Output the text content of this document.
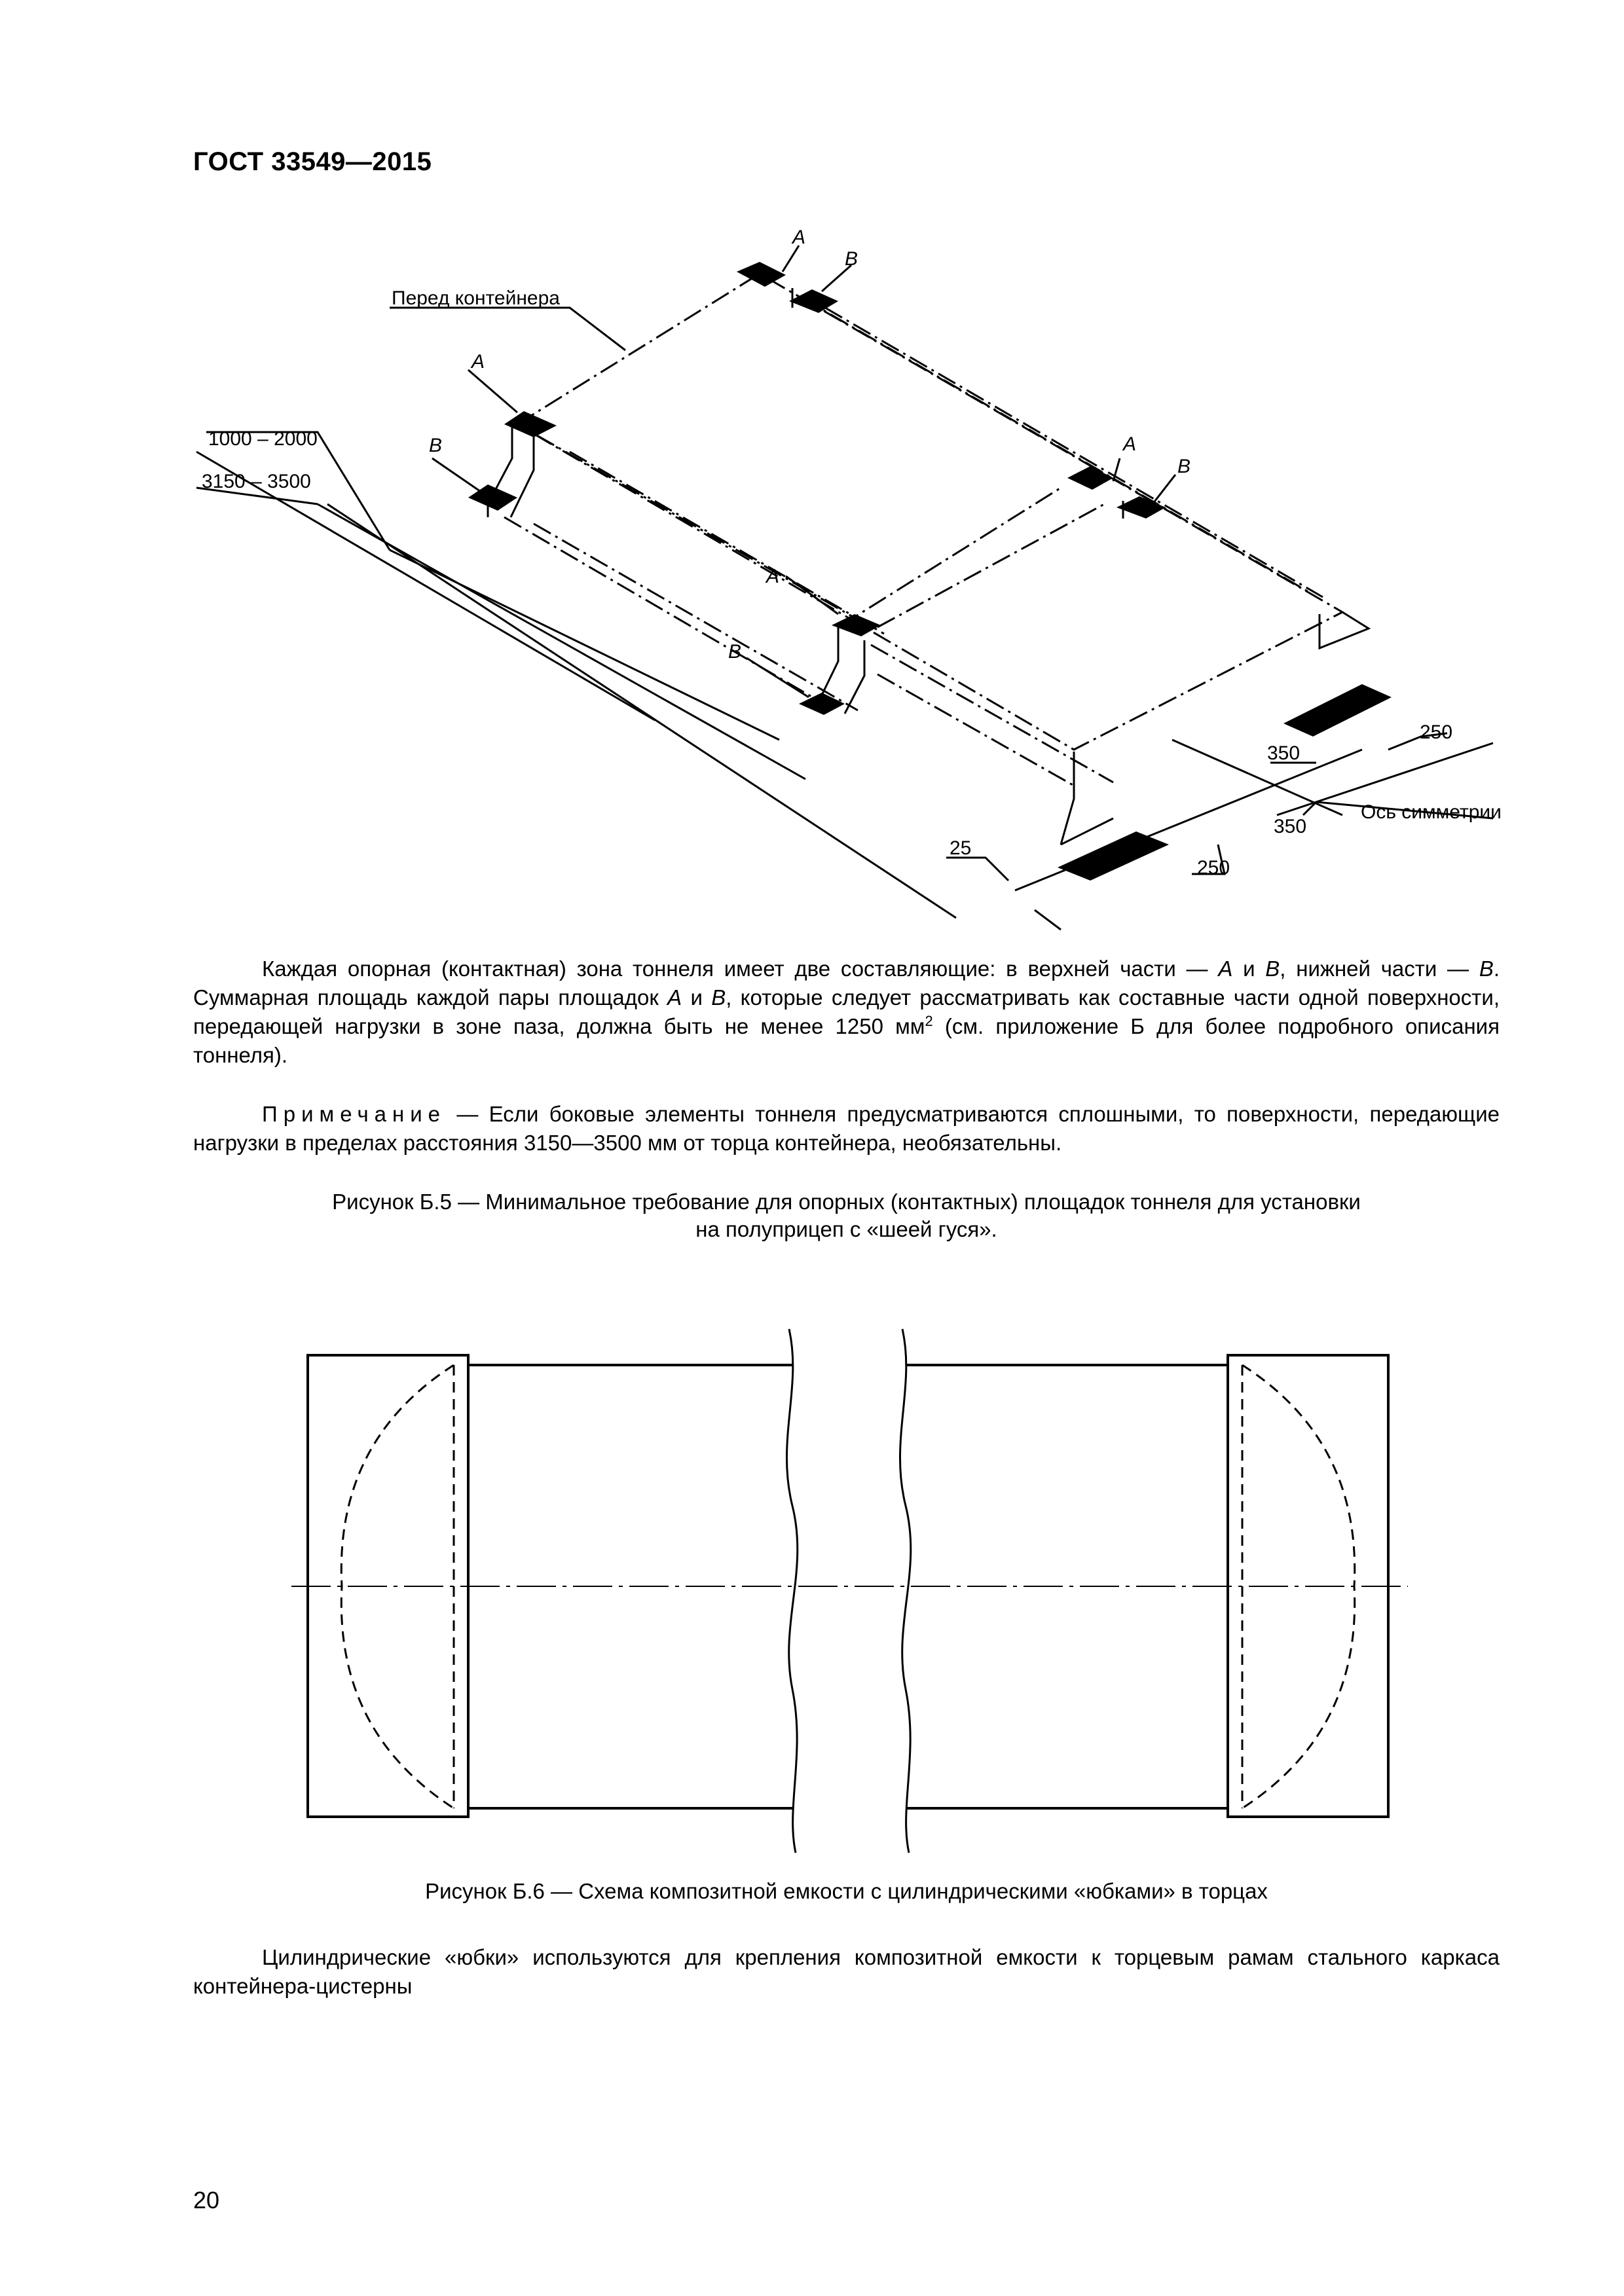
ГОСТ 33549—2015
Перед контейнера
1000 – 2000
3150 – 3500
A
B
A
B	A
B
A
B
Ось симметрии
350
350
250
250
25

Каждая опорная (контактная) зона тоннеля имеет две составляющие: в верхней части — A и B, нижней части — B. Суммарная площадь каждой пары площадок A и B, которые следует рассматривать как составные части одной поверхности, передающей нагрузки в зоне паза, должна быть не менее 1250 $мм^2$ (см. приложение Б для более подробного описания тоннеля).

Примечание — Если боковые элементы тоннеля предусматриваются сплошными, то поверхности, передающие нагрузки в пределах расстояния 3150—3500 мм от торца контейнера, необязательны.

Рисунок Б.5 — Минимальное требование для опорных (контактных) площадок тоннеля для установки
на полуприцеп с «шеей гуся».
Рисунок Б.6 — Схема композитной емкости с цилиндрическими «юбками» в торцах

Цилиндрические «юбки» используются для крепления композитной емкости к торцевым рамам стального каркаса контейнера-цистерны

20
